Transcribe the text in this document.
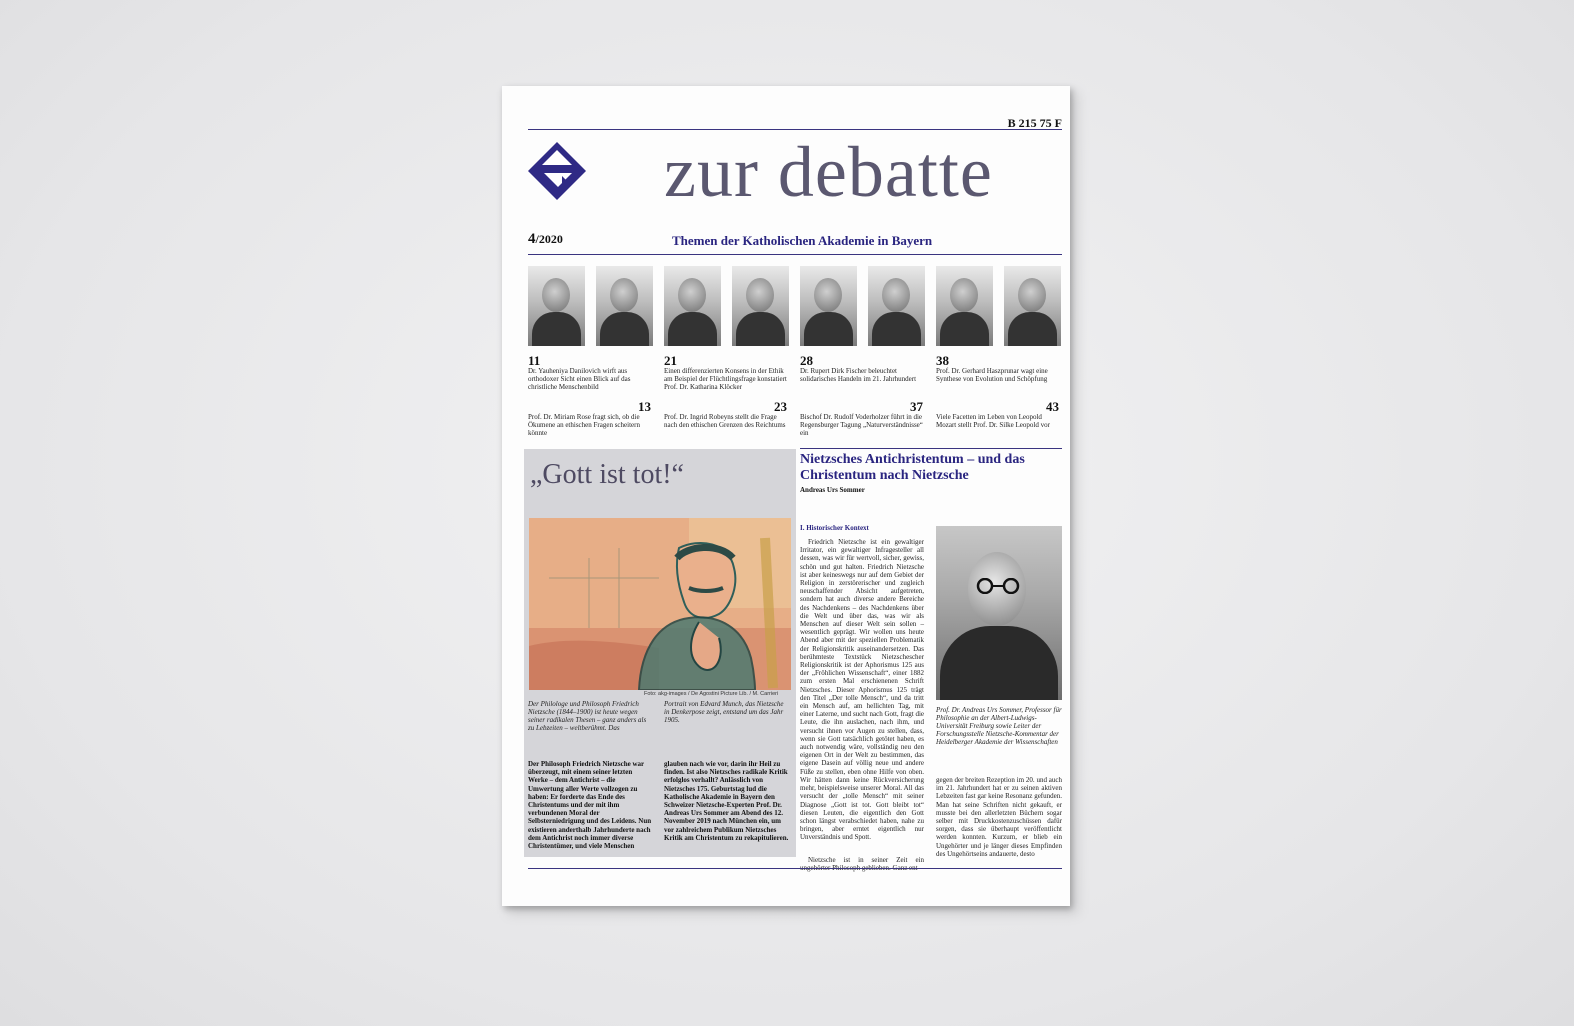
B 215 75 F
zur debatte
4/2020	Themen der Katholischen Akademie in Bayern
11
Dr. Yauheniya Danilovich wirft aus orthodoxer Sicht einen Blick auf das christliche Menschenbild
21
Einen differenzierten Konsens in der Ethik am Beispiel der Flüchtlingsfrage konstatiert Prof. Dr. Katharina Klöcker
28
Dr. Rupert Dirk Fischer beleuchtet solidarisches Handeln im 21. Jahrhundert
38
Prof. Dr. Gerhard Haszprunar wagt eine Synthese von Evolution und Schöpfung
13
Prof. Dr. Miriam Rose fragt sich, ob die Ökumene an ethischen Fragen scheitern könnte
23
Prof. Dr. Ingrid Robeyns stellt die Frage nach den ethischen Grenzen des Reichtums
37
Bischof Dr. Rudolf Voderholzer führt in die Regensburger Tagung „Naturverständnisse“ ein
43
Viele Facetten im Leben von Leopold Mozart stellt Prof. Dr. Silke Leopold vor
„Gott ist tot!“
Foto: akg-images / De Agostini Picture Lib. / M. Carrieri
Der Philologe und Philosoph Friedrich Nietzsche (1844–1900) ist heute wegen seiner radikalen Thesen – ganz anders als zu Lebzeiten – weltberühmt. Das
Portrait von Edvard Munch, das Nietzsche in Denkerpose zeigt, entstand um das Jahr 1905.
Der Philosoph Friedrich Nietzsche war überzeugt, mit einem seiner letzten Werke – dem Antichrist – die Umwertung aller Werte vollzogen zu haben: Er forderte das Ende des Christentums und der mit ihm verbundenen Moral der Selbsterniedrigung und des Leidens. Nun existieren anderthalb Jahrhunderte nach dem Antichrist noch immer diverse Christentümer, und viele Menschen
glauben nach wie vor, darin ihr Heil zu finden. Ist also Nietzsches radikale Kritik erfolglos verhallt? Anlässlich von Nietzsches 175. Geburtstag lud die Katholische Akademie in Bayern den Schweizer Nietzsche-Experten Prof. Dr. Andreas Urs Sommer am Abend des 12. November 2019 nach München ein, um vor zahlreichem Publikum Nietzsches Kritik am Christentum zu rekapitulieren.
Nietzsches Antichristentum – und das Christentum nach Nietzsche
Andreas Urs Sommer
I. Historischer Kontext
Friedrich Nietzsche ist ein gewaltiger Irritator, ein gewaltiger Infragesteller all dessen, was wir für wertvoll, sicher, gewiss, schön und gut halten. Friedrich Nietzsche ist aber keineswegs nur auf dem Gebiet der Religion in zerstörerischer und zugleich neuschaffender Absicht aufgetreten, sondern hat auch diverse andere Bereiche des Nachdenkens – des Nachdenkens über die Welt und über das, was wir als Menschen auf dieser Welt sein sollen – wesentlich geprägt. Wir wollen uns heute Abend aber mit der speziellen Problematik der Religionskritik auseinandersetzen. Das berühmteste Textstück Nietzschescher Religionskritik ist der Aphorismus 125 aus der „Fröhlichen Wissenschaft“, einer 1882 zum ersten Mal erschienenen Schrift Nietzsches. Dieser Aphorismus 125 trägt den Titel „Der tolle Mensch“, und da tritt ein Mensch auf, am hellichten Tag, mit einer Laterne, und sucht nach Gott, fragt die Leute, die ihn auslachen, nach ihm, und versucht ihnen vor Augen zu stellen, dass, wenn sie Gott tatsächlich getötet haben, es auch notwendig wäre, vollständig neu den eigenen Ort in der Welt zu bestimmen, das eigene Dasein auf völlig neue und andere Füße zu stellen, eben ohne Hilfe von oben. Wir hätten dann keine Rückversicherung mehr, beispielsweise unserer Moral. All das versucht der „tolle Mensch“ mit seiner Diagnose „Gott ist tot. Gott bleibt tot“ diesen Leuten, die eigentlich den Gott schon längst verabschiedet haben, nahe zu bringen, aber erntet eigentlich nur Unverständnis und Spott.
Nietzsche ist in seiner Zeit ein
Prof. Dr. Andreas Urs Sommer, Professor für Philosophie an der Albert-Ludwigs-Universität Freiburg sowie Leiter der Forschungsstelle Nietzsche-Kommentar der Heidelberger Akademie der Wissenschaften
gegen der breiten Rezeption im 20. und auch im 21. Jahrhundert hat er zu seinen aktiven Lebzeiten fast gar keine Resonanz gefunden. Man hat seine Schriften nicht gekauft, er musste bei den allerletzten Büchern sogar selber mit Druckkostenzuschüssen dafür sorgen, dass sie überhaupt veröffentlicht werden konnten. Kurzum, er blieb ein Ungehörter und je länger dieses Empfinden des Ungehörtseins andauerte, desto
